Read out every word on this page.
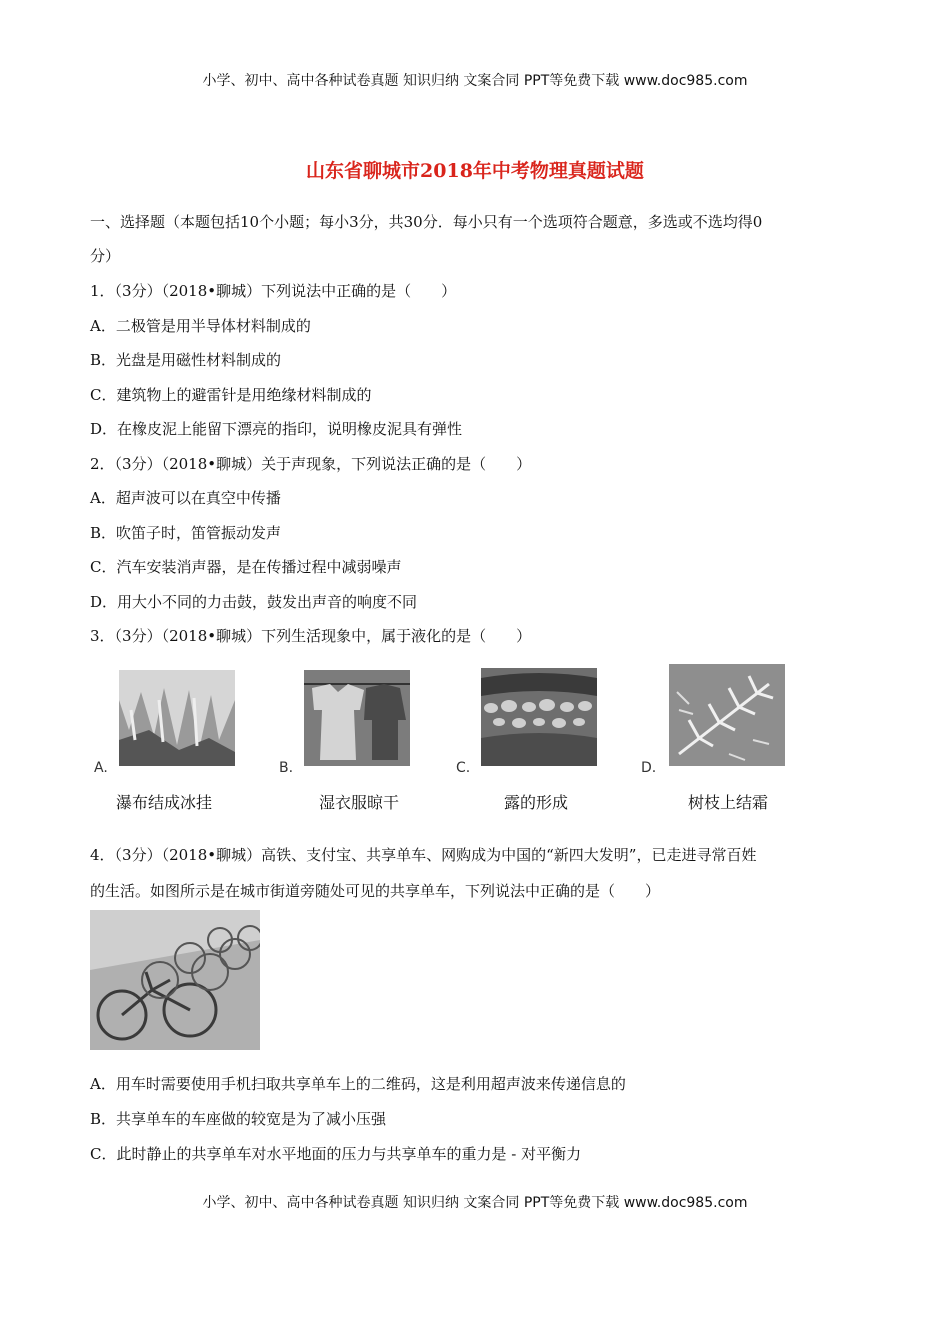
小学、初中、高中各种试卷真题 知识归纳 文案合同 PPT等免费下载 www.doc985.com
山东省聊城市2018年中考物理真题试题
一、选择题（本题包括10个小题；每小3分，共30分．每小只有一个选项符合题意，多选或不选均得0
分）
1．（3分）（2018•聊城）下列说法中正确的是（　　）
A．二极管是用半导体材料制成的
B．光盘是用磁性材料制成的
C．建筑物上的避雷针是用绝缘材料制成的
D．在橡皮泥上能留下漂亮的指印，说明橡皮泥具有弹性
2．（3分）（2018•聊城）关于声现象，下列说法正确的是（　　）
A．超声波可以在真空中传播
B．吹笛子时，笛管振动发声
C．汽车安装消声器，是在传播过程中减弱噪声
D．用大小不同的力击鼓，鼓发出声音的响度不同
3．（3分）（2018•聊城）下列生活现象中，属于液化的是（　　）
A.
瀑布结成冰挂
B.
湿衣服晾干
C.
露的形成
D.
树枝上结霜
4．（3分）（2018•聊城）高铁、支付宝、共享单车、网购成为中国的“新四大发明”，已走进寻常百姓
的生活。如图所示是在城市街道旁随处可见的共享单车，下列说法中正确的是（　　）
A．用车时需要使用手机扫取共享单车上的二维码，这是利用超声波来传递信息的
B．共享单车的车座做的较宽是为了减小压强
C．此时静止的共享单车对水平地面的压力与共享单车的重力是 - 对平衡力
小学、初中、高中各种试卷真题 知识归纳 文案合同 PPT等免费下载 www.doc985.com
